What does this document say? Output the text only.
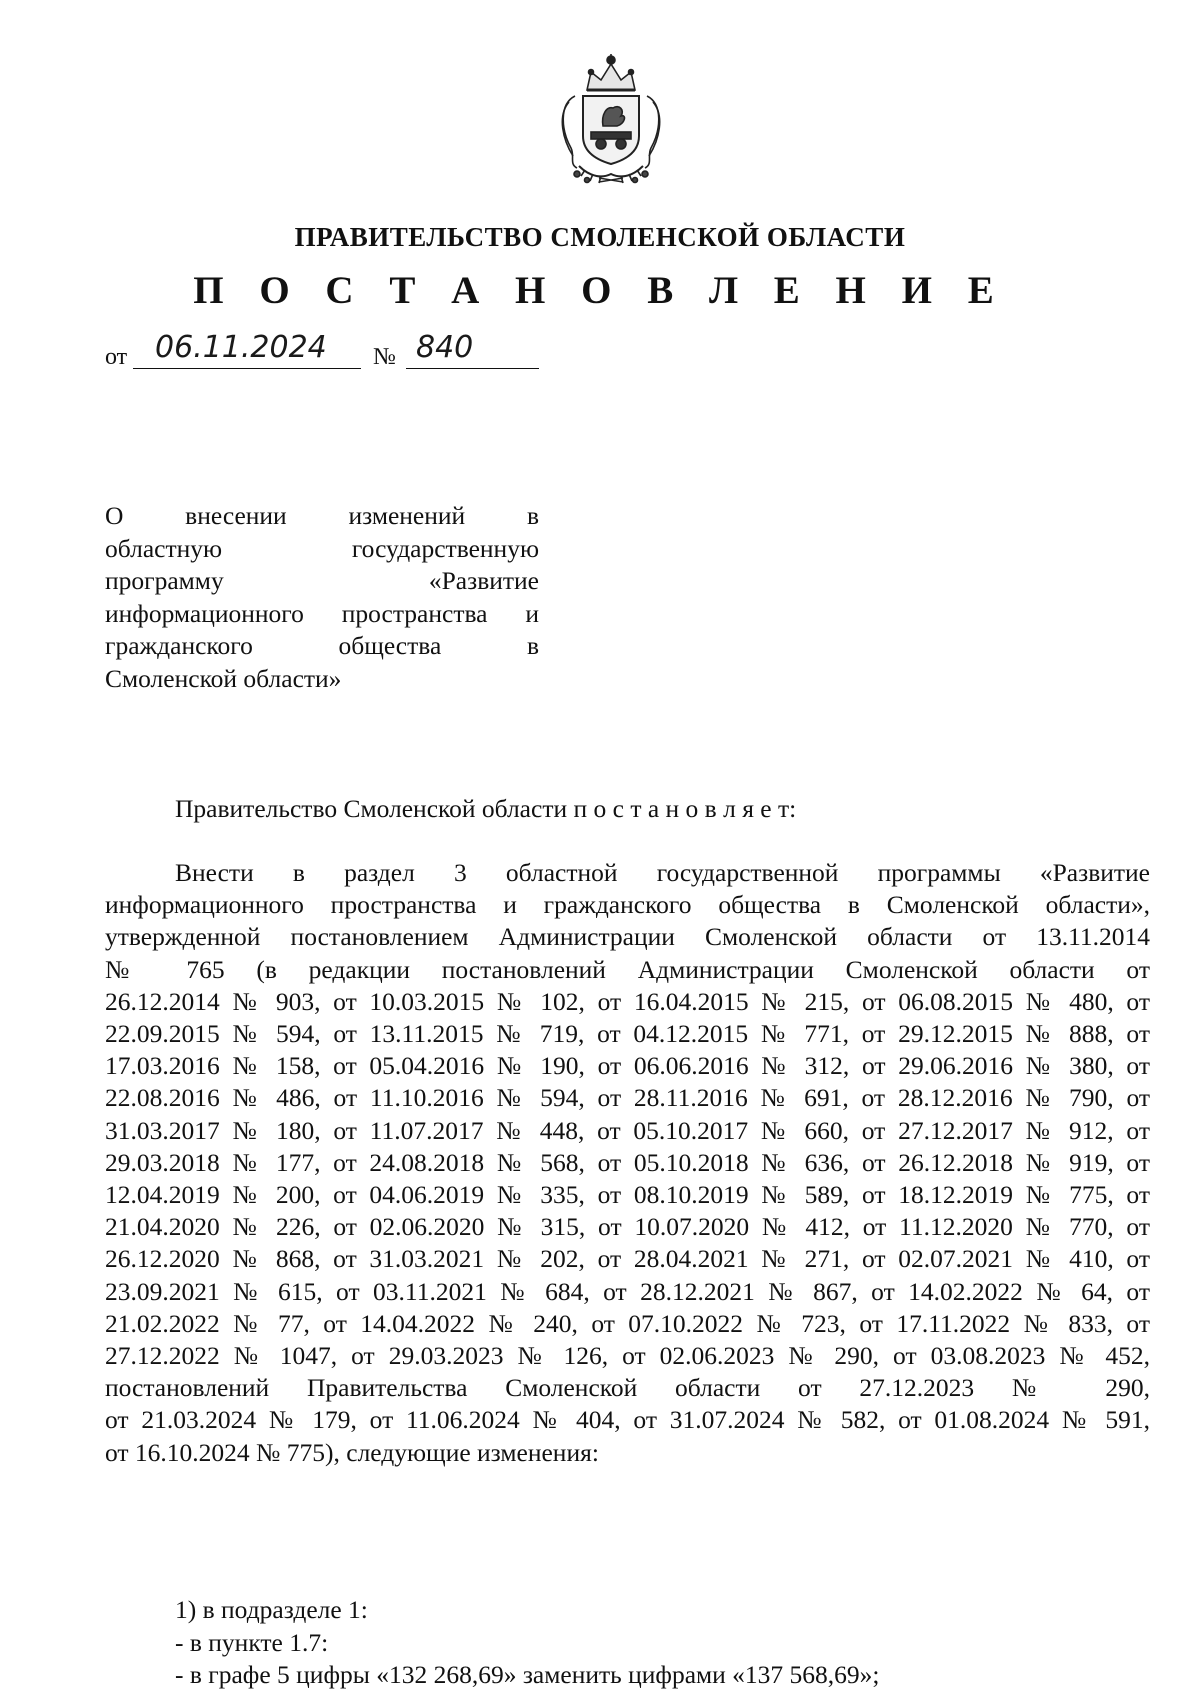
ПРАВИТЕЛЬСТВО СМОЛЕНСКОЙ ОБЛАСТИ
П О С Т А Н О В Л Е Н И Е
от 06.11.2024 № 840
О внесении изменений в
областную государственную
программу «Развитие
информационного пространства и
гражданского общества в
Смоленской области»
Правительство Смоленской области п о с т а н о в л я е т:
Внести в раздел 3 областной государственной программы «Развитие
информационного пространства и гражданского общества в Смоленской области»,
утвержденной постановлением Администрации Смоленской области от 13.11.2014
№ 765 (в редакции постановлений Администрации Смоленской области от
26.12.2014 № 903, от 10.03.2015 № 102, от 16.04.2015 № 215, от 06.08.2015 № 480, от
22.09.2015 № 594, от 13.11.2015 № 719, от 04.12.2015 № 771, от 29.12.2015 № 888, от
17.03.2016 № 158, от 05.04.2016 № 190, от 06.06.2016 № 312, от 29.06.2016 № 380, от
22.08.2016 № 486, от 11.10.2016 № 594, от 28.11.2016 № 691, от 28.12.2016 № 790, от
31.03.2017 № 180, от 11.07.2017 № 448, от 05.10.2017 № 660, от 27.12.2017 № 912, от
29.03.2018 № 177, от 24.08.2018 № 568, от 05.10.2018 № 636, от 26.12.2018 № 919, от
12.04.2019 № 200, от 04.06.2019 № 335, от 08.10.2019 № 589, от 18.12.2019 № 775, от
21.04.2020 № 226, от 02.06.2020 № 315, от 10.07.2020 № 412, от 11.12.2020 № 770, от
26.12.2020 № 868, от 31.03.2021 № 202, от 28.04.2021 № 271, от 02.07.2021 № 410, от
23.09.2021 № 615, от 03.11.2021 № 684, от 28.12.2021 № 867, от 14.02.2022 № 64, от
21.02.2022 № 77, от 14.04.2022 № 240, от 07.10.2022 № 723, от 17.11.2022 № 833, от
27.12.2022 № 1047, от 29.03.2023 № 126, от 02.06.2023 № 290, от 03.08.2023 № 452,
постановлений Правительства Смоленской области от 27.12.2023 № 290,
от 21.03.2024 № 179, от 11.06.2024 № 404, от 31.07.2024 № 582, от 01.08.2024 № 591,
от 16.10.2024 № 775), следующие изменения:
1) в подразделе 1:
- в пункте 1.7:
- в графе 5 цифры «132 268,69» заменить цифрами «137 568,69»;
